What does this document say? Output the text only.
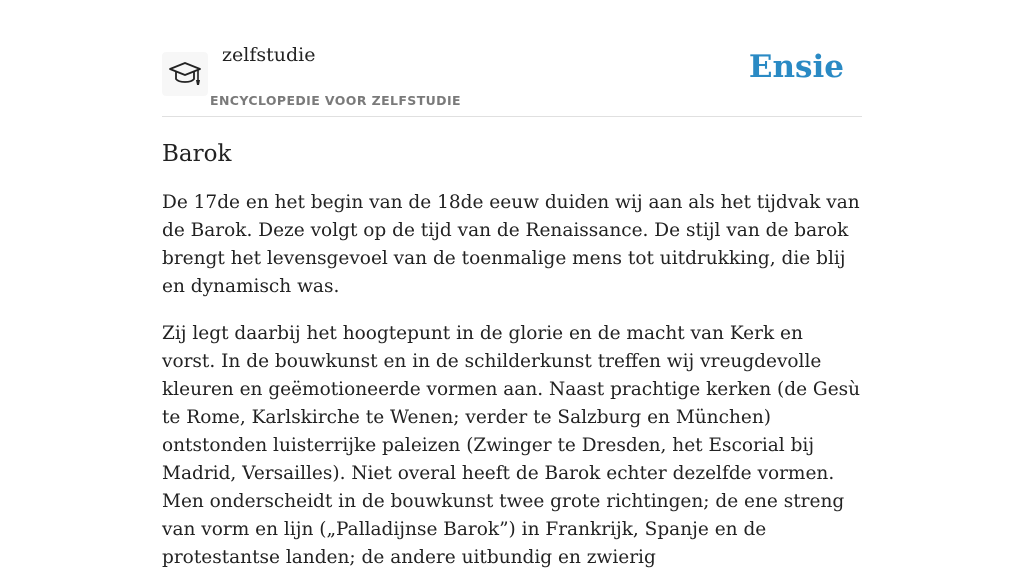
zelfstudie
ENCYCLOPEDIE VOOR ZELFSTUDIE
Ensie
Barok

De 17de en het begin van de 18de eeuw duiden wij aan als het tijdvak van de Barok. Deze volgt op de tijd van de Renaissance. De stijl van de barok brengt het levensgevoel van de toenmalige mens tot uitdrukking, die blij en dynamisch was.

Zij legt daarbij het hoogtepunt in de glorie en de macht van Kerk en vorst. In de bouwkunst en in de schilderkunst treffen wij vreugdevolle kleuren en geëmotioneerde vormen aan. Naast prachtige kerken (de Gesù te Rome, Karlskirche te Wenen; verder te Salzburg en München) ontstonden luisterrijke paleizen (Zwinger te Dresden, het Escorial bij Madrid, Versailles). Niet overal heeft de Barok echter dezelfde vormen. Men onderscheidt in de bouwkunst twee grote richtingen; de ene streng van vorm en lijn („Palladijnse Barok”) in Frankrijk, Spanje en de protestantse landen; de andere uitbundig en zwierig
